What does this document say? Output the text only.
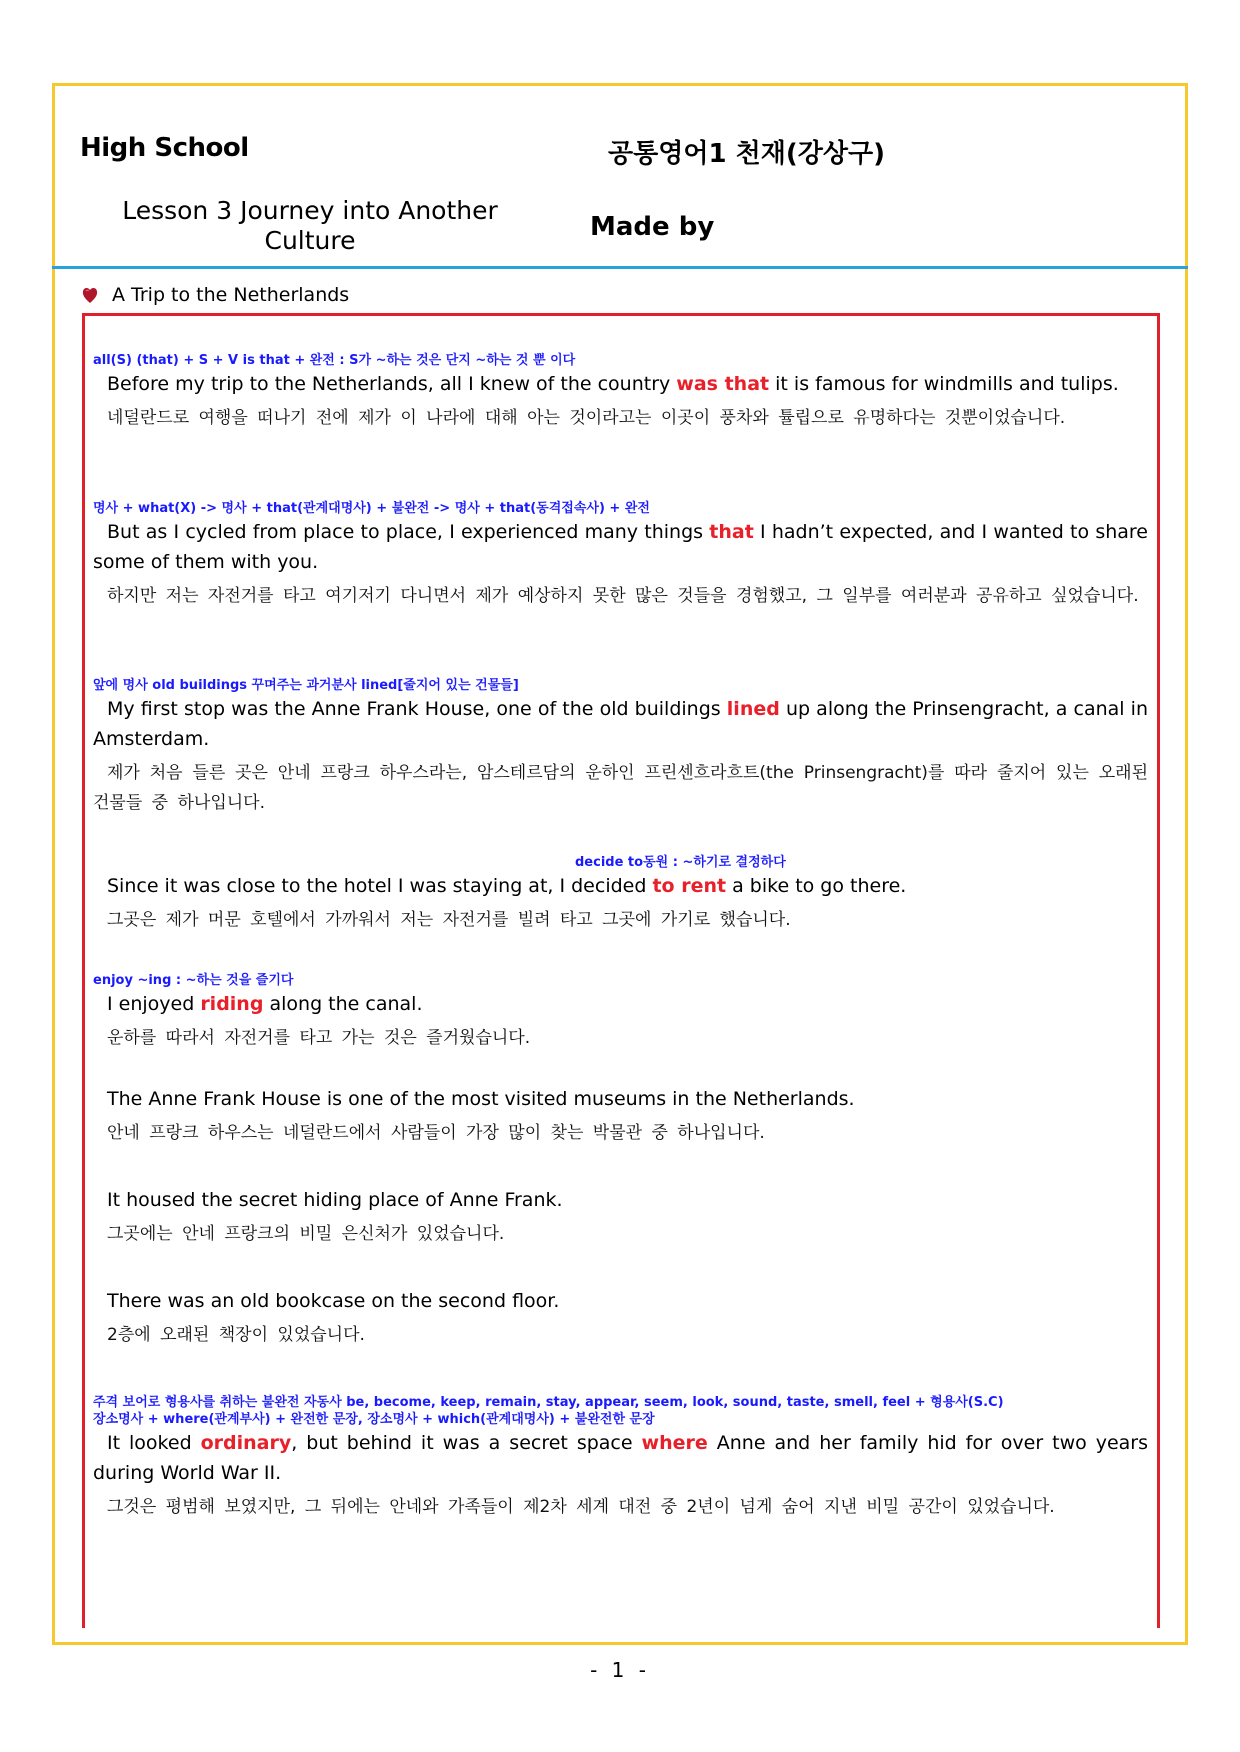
High School	공통영어1 천재(강상구)
Lesson 3 Journey into Another Culture	Made by
A Trip to the Netherlands
all(S) (that) + S + V is that + 완전 : S가 ~하는 것은 단지 ~하는 것 뿐 이다
Before my trip to the Netherlands, all I knew of the country was that it is famous for windmills and tulips.
네덜란드로 여행을 떠나기 전에 제가 이 나라에 대해 아는 것이라고는 이곳이 풍차와 튤립으로 유명하다는 것뿐이었습니다.
명사 + what(X) -> 명사 + that(관계대명사) + 불완전 -> 명사 + that(동격접속사) + 완전
But as I cycled from place to place, I experienced many things that I hadn’t expected, and I wanted to share some of them with you.
하지만 저는 자전거를 타고 여기저기 다니면서 제가 예상하지 못한 많은 것들을 경험했고, 그 일부를 여러분과 공유하고 싶었습니다.
앞에 명사 old buildings 꾸며주는 과거분사 lined[줄지어 있는 건물들]
My first stop was the Anne Frank House, one of the old buildings lined up along the Prinsengracht, a canal in Amsterdam.
제가 처음 들른 곳은 안네 프랑크 하우스라는, 암스테르담의 운하인 프린센흐라흐트(the Prinsengracht)를 따라 줄지어 있는 오래된 건물들 중 하나입니다.
decide to동원 : ~하기로 결정하다
Since it was close to the hotel I was staying at, I decided to rent a bike to go there.
그곳은 제가 머문 호텔에서 가까워서 저는 자전거를 빌려 타고 그곳에 가기로 했습니다.
enjoy ~ing : ~하는 것을 즐기다
I enjoyed riding along the canal.
운하를 따라서 자전거를 타고 가는 것은 즐거웠습니다.
The Anne Frank House is one of the most visited museums in the Netherlands.
안네 프랑크 하우스는 네덜란드에서 사람들이 가장 많이 찾는 박물관 중 하나입니다.
It housed the secret hiding place of Anne Frank.
그곳에는 안네 프랑크의 비밀 은신처가 있었습니다.
There was an old bookcase on the second floor.
2층에 오래된 책장이 있었습니다.
주격 보어로 형용사를 취하는 불완전 자동사 be, become, keep, remain, stay, appear, seem, look, sound, taste, smell, feel + 형용사(S.C)
장소명사 + where(관계부사) + 완전한 문장, 장소명사 + which(관계대명사) + 불완전한 문장
It looked ordinary, but behind it was a secret space where Anne and her family hid for over two years during World War II.
그것은 평범해 보였지만, 그 뒤에는 안네와 가족들이 제2차 세계 대전 중 2년이 넘게 숨어 지낸 비밀 공간이 있었습니다.
- 1 -
